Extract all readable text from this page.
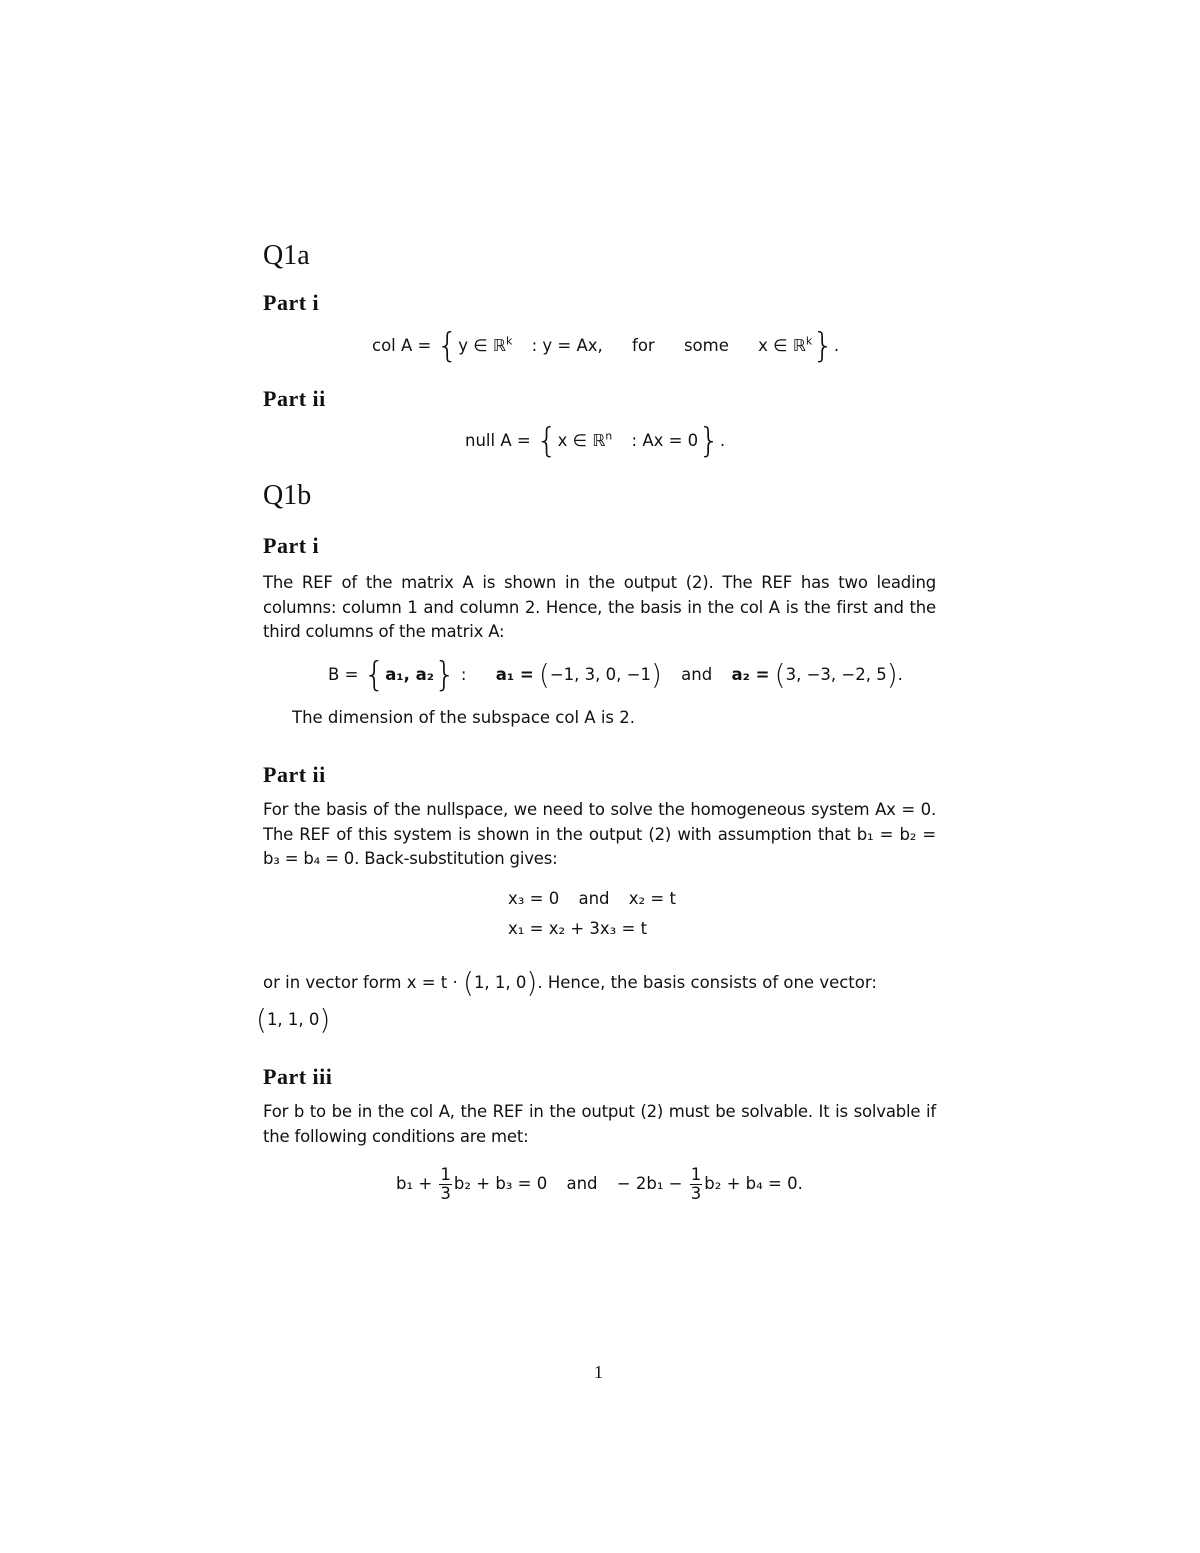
Q1a
Part i
col A = {y ∈ ℝ$^k$ : y = Ax, for some x ∈ ℝ$^k$}.
Part ii
null A = {x ∈ ℝ$^n$ : Ax = 0}.
Q1b
Part i
The REF of the matrix A is shown in the output (2). The REF has two leading columns: column 1 and column 2. Hence, the basis in the col A is the first and the third columns of the matrix A:
B = {a₁, a₂} : a₁ = (−1, 3, 0, −1) and a₂ = (3, −3, −2, 5).
The dimension of the subspace col A is 2.
Part ii
For the basis of the nullspace, we need to solve the homogeneous system Ax = 0. The REF of this system is shown in the output (2) with assumption that b₁ = b₂ = b₃ = b₄ = 0. Back-substitution gives:
x₃ = 0 and x₂ = t
x₁ = x₂ + 3x₃ = t
or in vector form x = t · (1, 1, 0). Hence, the basis consists of one vector:
(1, 1, 0)
Part iii
For b to be in the col A, the REF in the output (2) must be solvable. It is solvable if the following conditions are met:
$b_1 + \frac{1}{3} b_2 + b_3 = 0$ and − $2b_1 - \frac{1}{3} b_2 + b_4 = 0$.
1
